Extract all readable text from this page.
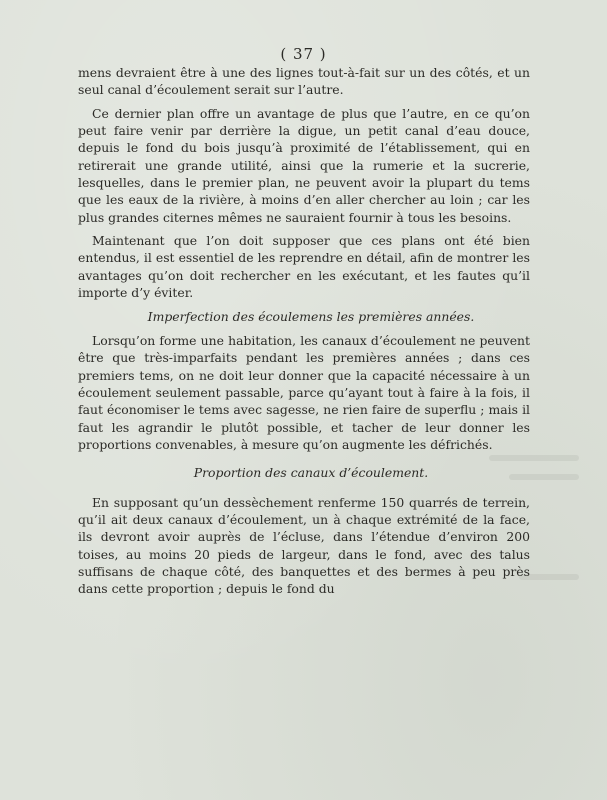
( 37 )

mens devraient être à une des lignes tout-à-fait sur un des côtés, et un seul canal d’écoulement serait sur l’autre.

Ce dernier plan offre un avantage de plus que l’autre, en ce qu’on peut faire venir par derrière la digue, un petit canal d’eau douce, depuis le fond du bois jusqu’à proximité de l’établissement, qui en retirerait une grande utilité, ainsi que la rumerie et la sucrerie, lesquelles, dans le premier plan, ne peuvent avoir la plupart du tems que les eaux de la rivière, à moins d’en aller chercher au loin ; car les plus grandes citernes mêmes ne sauraient fournir à tous les besoins.

Maintenant que l’on doit supposer que ces plans ont été bien entendus, il est essentiel de les reprendre en détail, afin de montrer les avantages qu’on doit rechercher en les exécutant, et les fautes qu’il importe d’y éviter.

Imperfection des écoulemens les premières années.

Lorsqu’on forme une habitation, les canaux d’écoulement ne peuvent être que très-imparfaits pendant les premières années ; dans ces premiers tems, on ne doit leur donner que la capacité nécessaire à un écoulement seulement passable, parce qu’ayant tout à faire à la fois, il faut économiser le tems avec sagesse, ne rien faire de superflu ; mais il faut les agrandir le plutôt possible, et tacher de leur donner les proportions convenables, à mesure qu’on augmente les défrichés.

Proportion des canaux d’écoulement.

En supposant qu’un dessèchement renferme 150 quarrés de terrein, qu’il ait deux canaux d’écoulement, un à chaque extrémité de la face, ils devront avoir auprès de l’écluse, dans l’étendue d’environ 200 toises, au moins 20 pieds de largeur, dans le fond, avec des talus suffisans de chaque côté, des banquettes et des bermes à peu près dans cette proportion ; depuis le fond du
